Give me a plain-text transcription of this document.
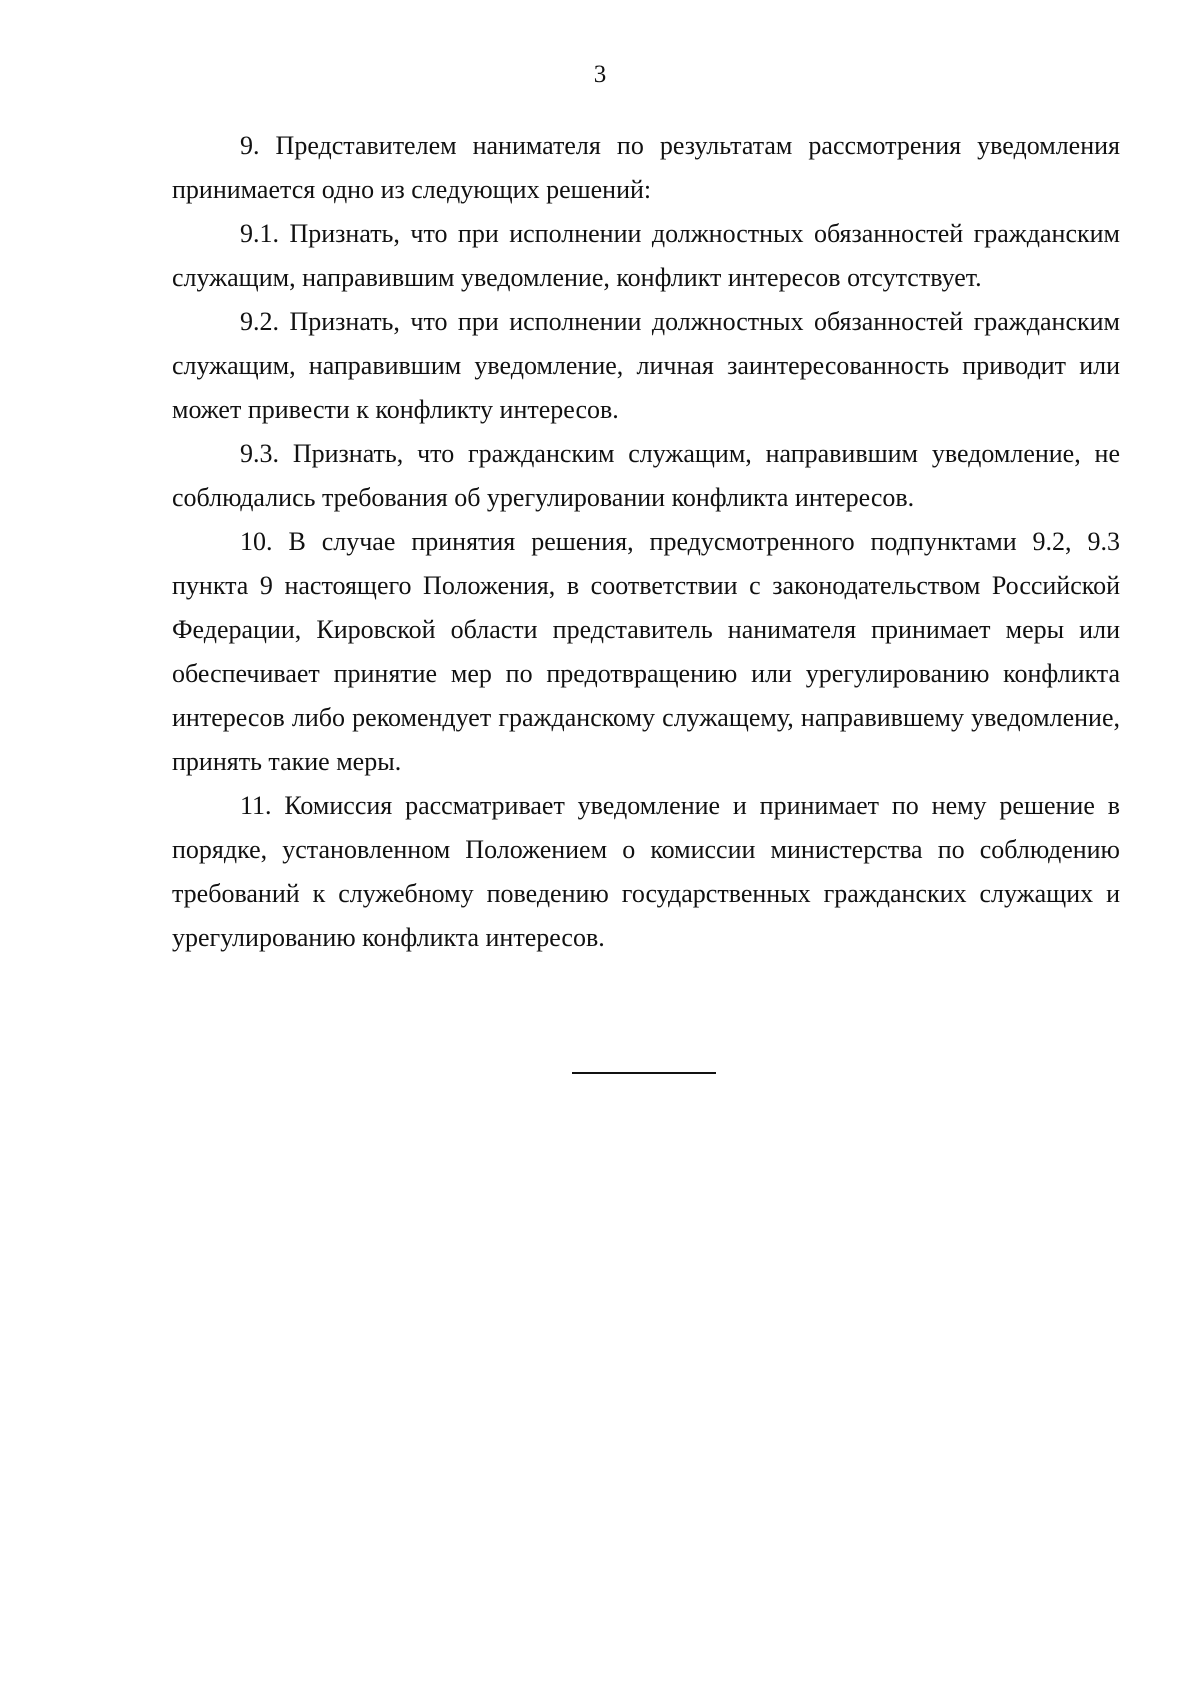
3

9. Представителем нанимателя по результатам рассмотрения уведомления принимается одно из следующих решений:

9.1. Признать, что при исполнении должностных обязанностей гражданским служащим, направившим уведомление, конфликт интересов отсутствует.

9.2. Признать, что при исполнении должностных обязанностей гражданским служащим, направившим уведомление, личная заинтересованность приводит или может привести к конфликту интересов.

9.3. Признать, что гражданским служащим, направившим уведомление, не соблюдались требования об урегулировании конфликта интересов.

10. В случае принятия решения, предусмотренного подпунктами 9.2, 9.3 пункта 9 настоящего Положения, в соответствии с законодательством Российской Федерации, Кировской области представитель нанимателя принимает меры или обеспечивает принятие мер по предотвращению или урегулированию конфликта интересов либо рекомендует гражданскому служащему, направившему уведомление, принять такие меры.

11. Комиссия рассматривает уведомление и принимает по нему решение в порядке, установленном Положением о комиссии министерства по соблюдению требований к служебному поведению государственных гражданских служащих и урегулированию конфликта интересов.
